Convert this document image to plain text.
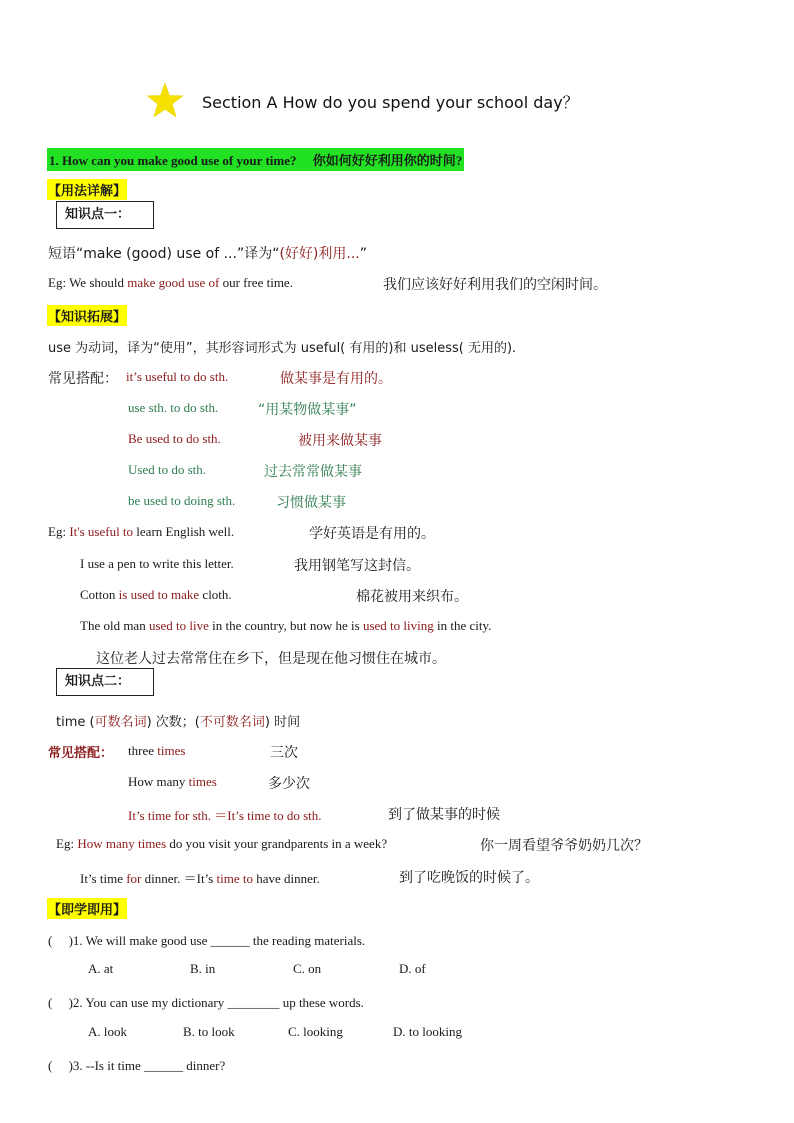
Section A How do you spend your school day？
1. How can you make good use of your time?　 你如何好好利用你的时间?
【用法详解】
知识点一：
短语“make (good) use of ...”译为“(好好)利用...”
Eg: We should make good use of our free time.	我们应该好好利用我们的空闲时间。
【知识拓展】
use 为动词，译为“使用”，其形容词形式为 useful( 有用的)和 useless( 无用的).
常见搭配： it’s useful to do sth.	做某事是有用的。
use sth. to do sth.	“用某物做某事”
Be used to do sth.	被用来做某事
Used to do sth.	过去常常做某事
be used to doing sth.	习惯做某事
Eg: It's useful to learn English well.	学好英语是有用的。
I use a pen to write this letter.	我用钢笔写这封信。
Cotton is used to make cloth.	棉花被用来织布。
The old man used to live in the country, but now he is used to living in the city.
这位老人过去常常住在乡下，但是现在他习惯住在城市。
知识点二：
time (可数名词) 次数；(不可数名词) 时间
常见搭配： three times	三次
How many times	多少次
It’s time for sth. ＝It’s time to do sth.	到了做某事的时候
Eg: How many times do you visit your grandparents in a week?	你一周看望爷爷奶奶几次？
It’s time for dinner. ＝It’s time to have dinner.	到了吃晚饭的时候了。
【即学即用】
(　 )1. We will make good use ______ the reading materials.
A. at	B. in	C. on	D. of
(　 )2. You can use my dictionary ________ up these words.
A. look	B. to look	C. looking	D. to looking
(　 )3. --Is it time ______ dinner?
